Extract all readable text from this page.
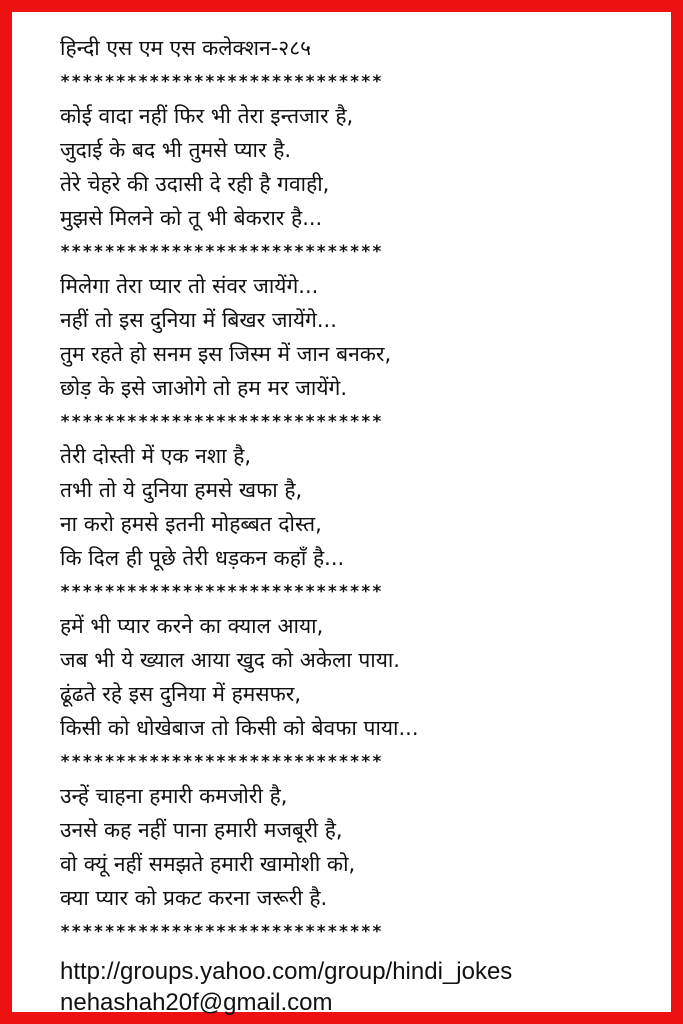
हिन्दी एस एम एस कलेक्शन-२८५
*****************************
कोई वादा नहीं फिर भी तेरा इन्तजार है,
जुदाई के बद भी तुमसे प्यार है.
तेरे चेहरे की उदासी दे रही है गवाही,
मुझसे मिलने को तू भी बेकरार है...
*****************************
मिलेगा तेरा प्यार तो संवर जायेंगे...
नहीं तो इस दुनिया में बिखर जायेंगे...
तुम रहते हो सनम इस जिस्म में जान बनकर,
छोड़ के इसे जाओगे तो हम मर जायेंगे.
*****************************
तेरी दोस्ती में एक नशा है,
तभी तो ये दुनिया हमसे खफा है,
ना करो हमसे इतनी मोहब्बत दोस्त,
कि दिल ही पूछे तेरी धड़कन कहाँ है...
*****************************
हमें भी प्यार करने का क्याल आया,
जब भी ये ख्याल आया खुद को अकेला पाया.
ढूंढते रहे इस दुनिया में हमसफर,
किसी को धोखेबाज तो किसी को बेवफा पाया...
*****************************
उन्हें चाहना हमारी कमजोरी है,
उनसे कह नहीं पाना हमारी मजबूरी है,
वो क्यूं नहीं समझते हमारी खामोशी को,
क्या प्यार को प्रकट करना जरूरी है.
*****************************
http://groups.yahoo.com/group/hindi_jokes
nehashah20f@gmail.com
